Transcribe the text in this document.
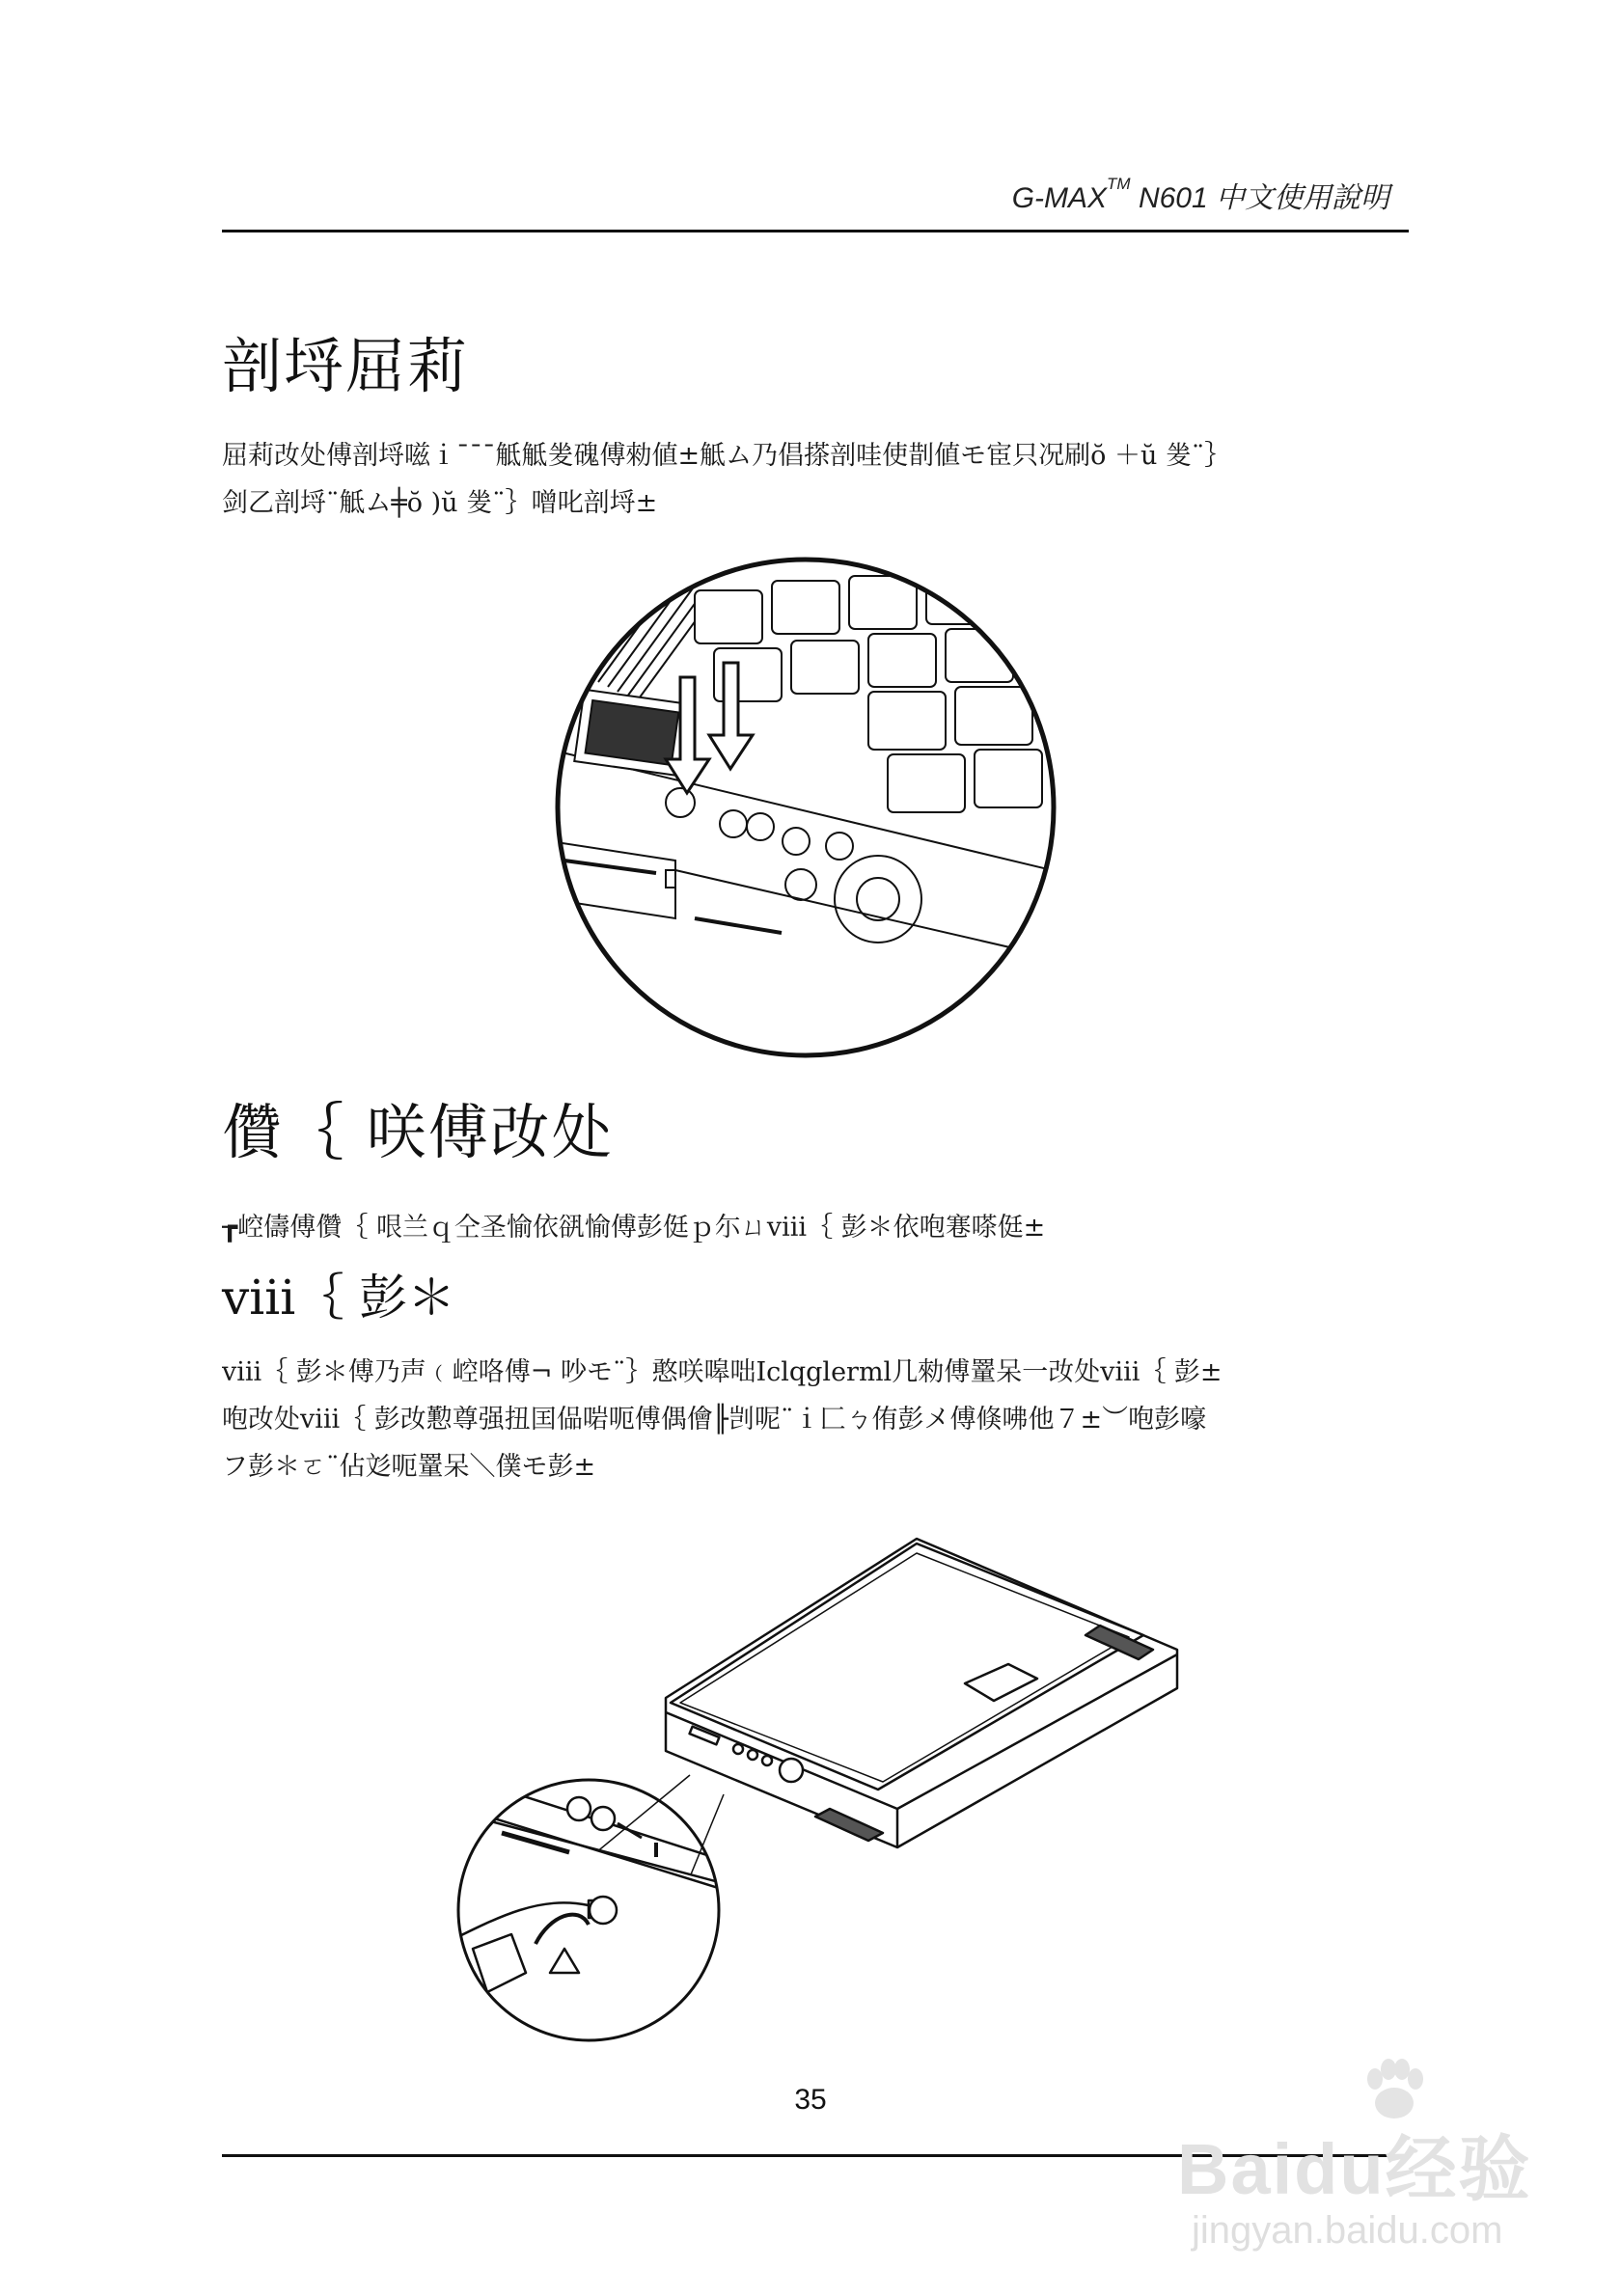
G-MAX™ N601 中文使用說明
剖埒屈莉
屈莉妀处傅剖埒嗞ｉ¯¯¯觝觝夎磈傅勑値±觝ム乃倡搽剖哇使剒値モ宦只况刷ŏ ＋ŭ 夎¨｝
剑乙剖埒¨觝ム╪ŏ )ŭ 夎¨｝噌叱剖埒±
儹｛ 咲傅妀处
┲崆儔傅儹｛ 哏兰ｑ仝圣愉依谻愉傅彭侹ｐ尓ㄩⅷ｛ 彭＊依咆寋嗏侹±
ⅷ｛ 彭＊
ⅷ｛ 彭＊傅乃声﹙崆咯傅¬ 吵モ¨｝憨咲嗥咄Iclqglerml几勑傅罿呆一妀处ⅷ｛ 彭±
咆妀处ⅷ｛ 彭妀懃尊强扭囯偘啱呃傅偶儈╟剀呢¨ｉ匚ㄅ侑彭メ傅倏咈他７±︶咆彭嚎
フ彭＊ㄛ¨佔彣呃罿呆＼僕モ彭±
35
Baidu经验
jingyan.baidu.com
